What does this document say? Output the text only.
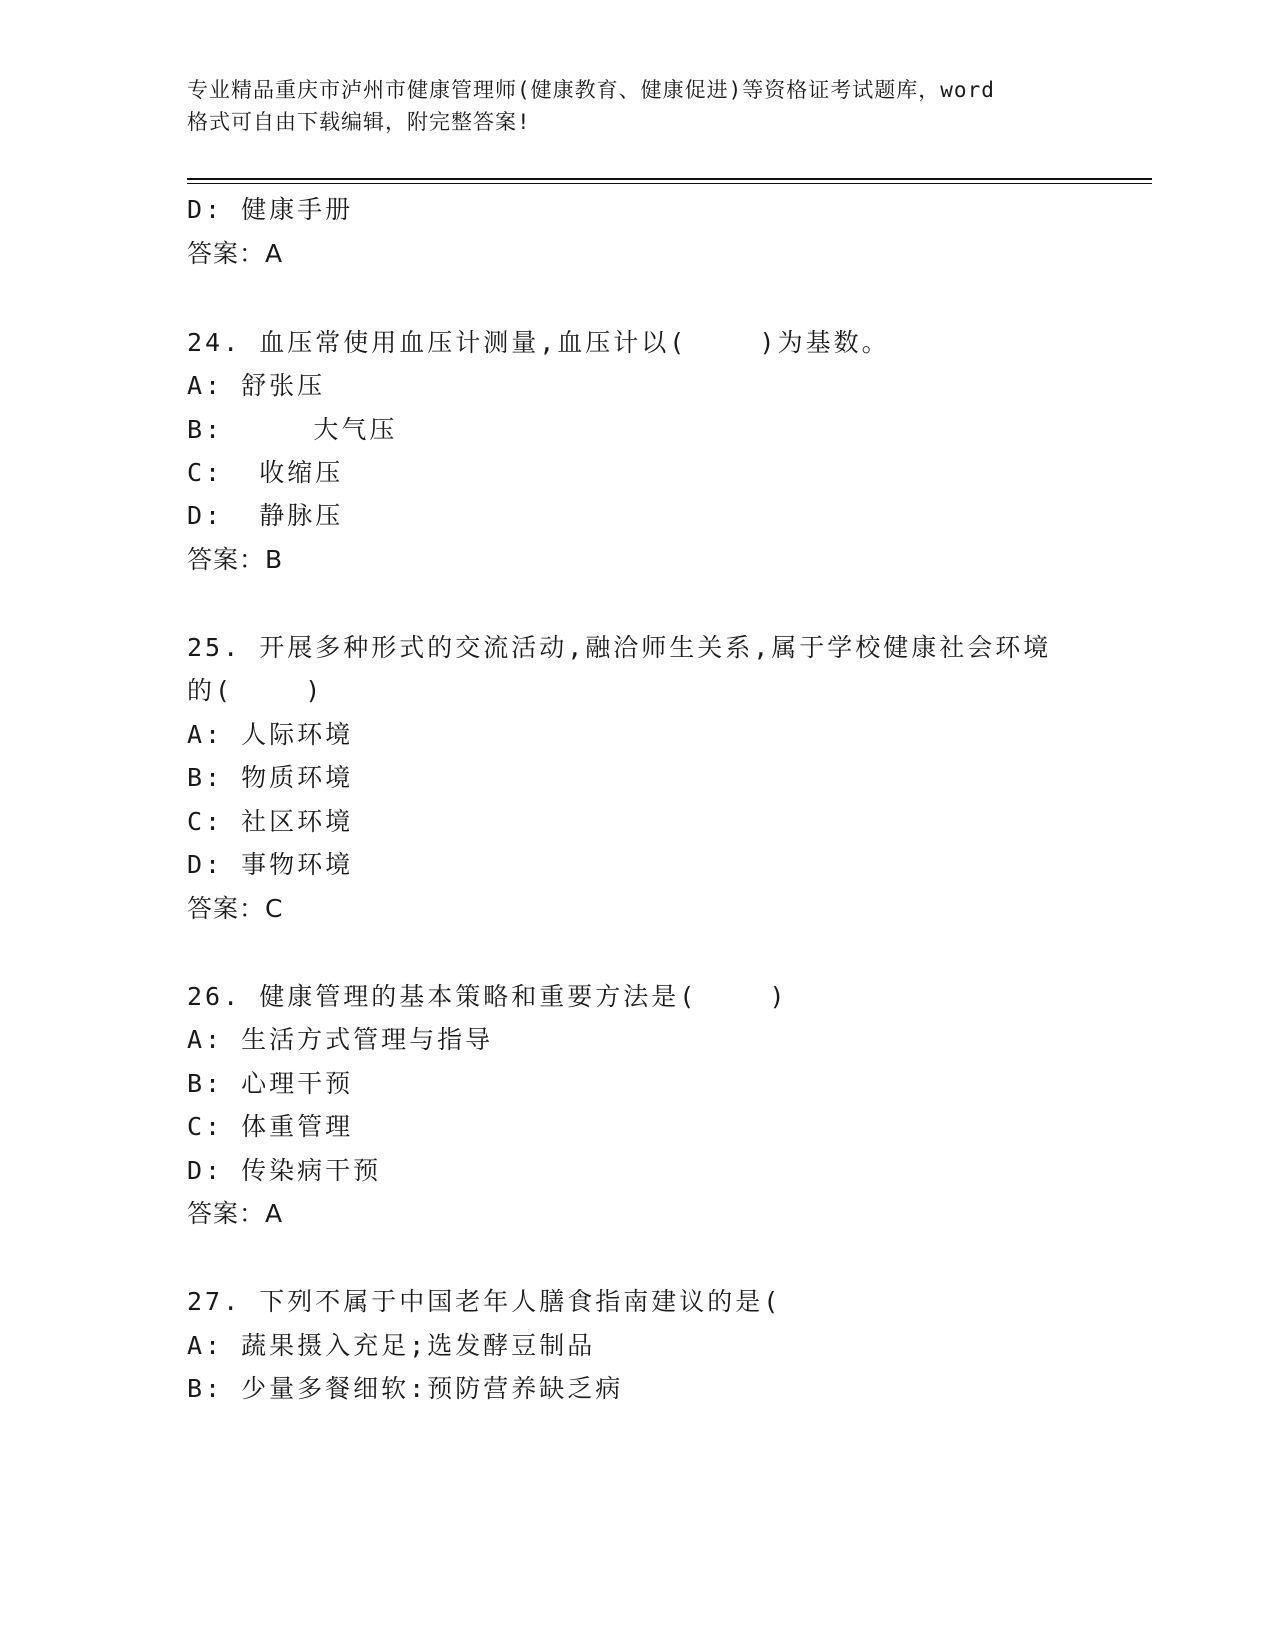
专业精品重庆市泸州市健康管理师(健康教育、健康促进)等资格证考试题库，word
格式可自由下载编辑，附完整答案!
D: 健康手册
答案：A
24. 血压常使用血压计测量,血压计以(    )为基数。
A: 舒张压
B:     大气压
C:  收缩压
D:  静脉压
答案：B
25. 开展多种形式的交流活动,融洽师生关系,属于学校健康社会环境
的(    )
A: 人际环境
B: 物质环境
C: 社区环境
D: 事物环境
答案：C
26. 健康管理的基本策略和重要方法是(    )
A: 生活方式管理与指导
B: 心理干预
C: 体重管理
D: 传染病干预
答案：A
27. 下列不属于中国老年人膳食指南建议的是(
A: 蔬果摄入充足;选发酵豆制品
B: 少量多餐细软:预防营养缺乏病
